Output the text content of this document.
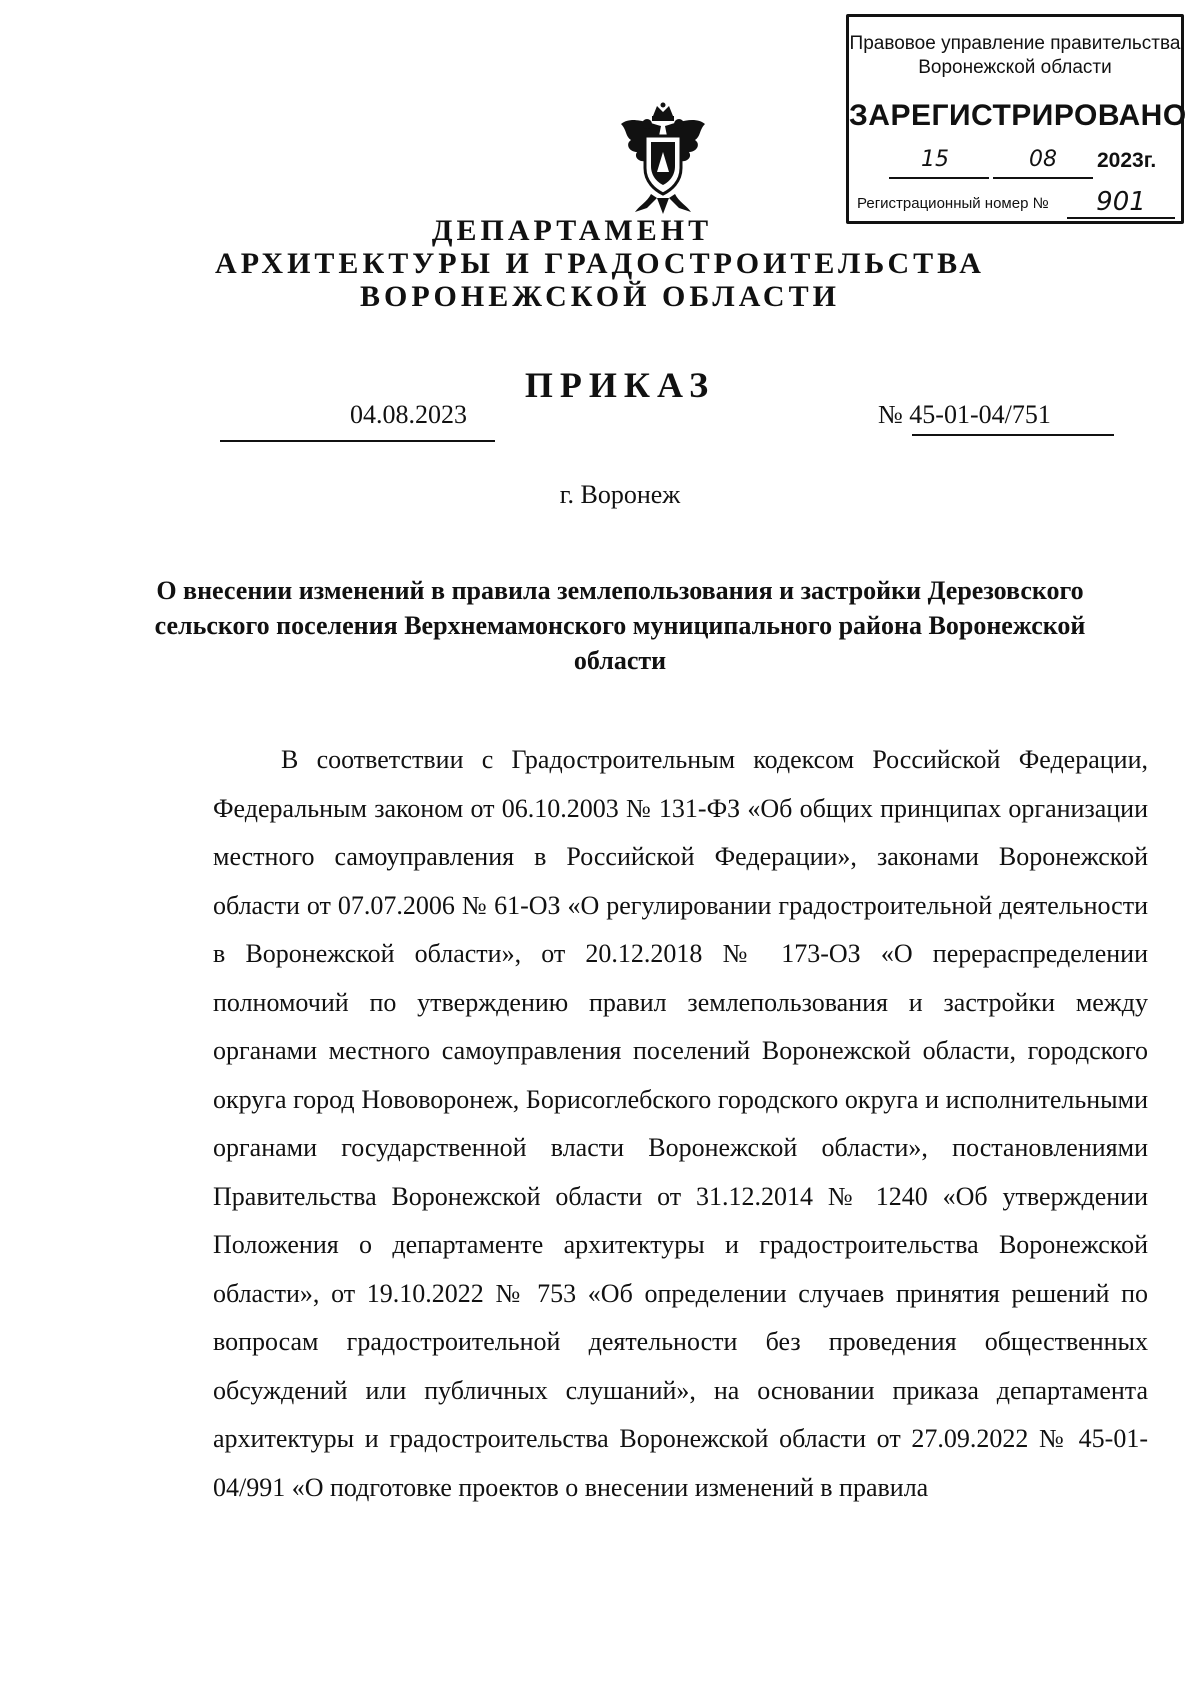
Правовое управление правительства
Воронежской области
ЗАРЕГИСТРИРОВАНО
15	08	2023г.
Регистрационный номер №	901
ДЕПАРТАМЕНТ
АРХИТЕКТУРЫ И ГРАДОСТРОИТЕЛЬСТВА
ВОРОНЕЖСКОЙ ОБЛАСТИ
ПРИКАЗ
04.08.2023	№ 45-01-04/751
г. Воронеж
О внесении изменений в правила землепользования и застройки Дерезовского сельского поселения Верхнемамонского муниципального района Воронежской области

В соответствии с Градостроительным кодексом Российской Федерации, Федеральным законом от 06.10.2003 № 131-ФЗ «Об общих принципах организации местного самоуправления в Российской Федерации», законами Воронежской области от 07.07.2006 № 61-ОЗ «О регулировании градостроительной деятельности в Воронежской области», от 20.12.2018 № 173-ОЗ «О перераспределении полномочий по утверждению правил землепользования и застройки между органами местного самоуправления поселений Воронежской области, городского округа город Нововоронеж, Борисоглебского городского округа и исполнительными органами государственной власти Воронежской области», постановлениями Правительства Воронежской области от 31.12.2014 № 1240 «Об утверждении Положения о департаменте архитектуры и градостроительства Воронежской области», от 19.10.2022 № 753 «Об определении случаев принятия решений по вопросам градостроительной деятельности без проведения общественных обсуждений или публичных слушаний», на основании приказа департамента архитектуры и градостроительства Воронежской области от 27.09.2022 № 45-01-04/991 «О подготовке проектов о внесении изменений в правила
